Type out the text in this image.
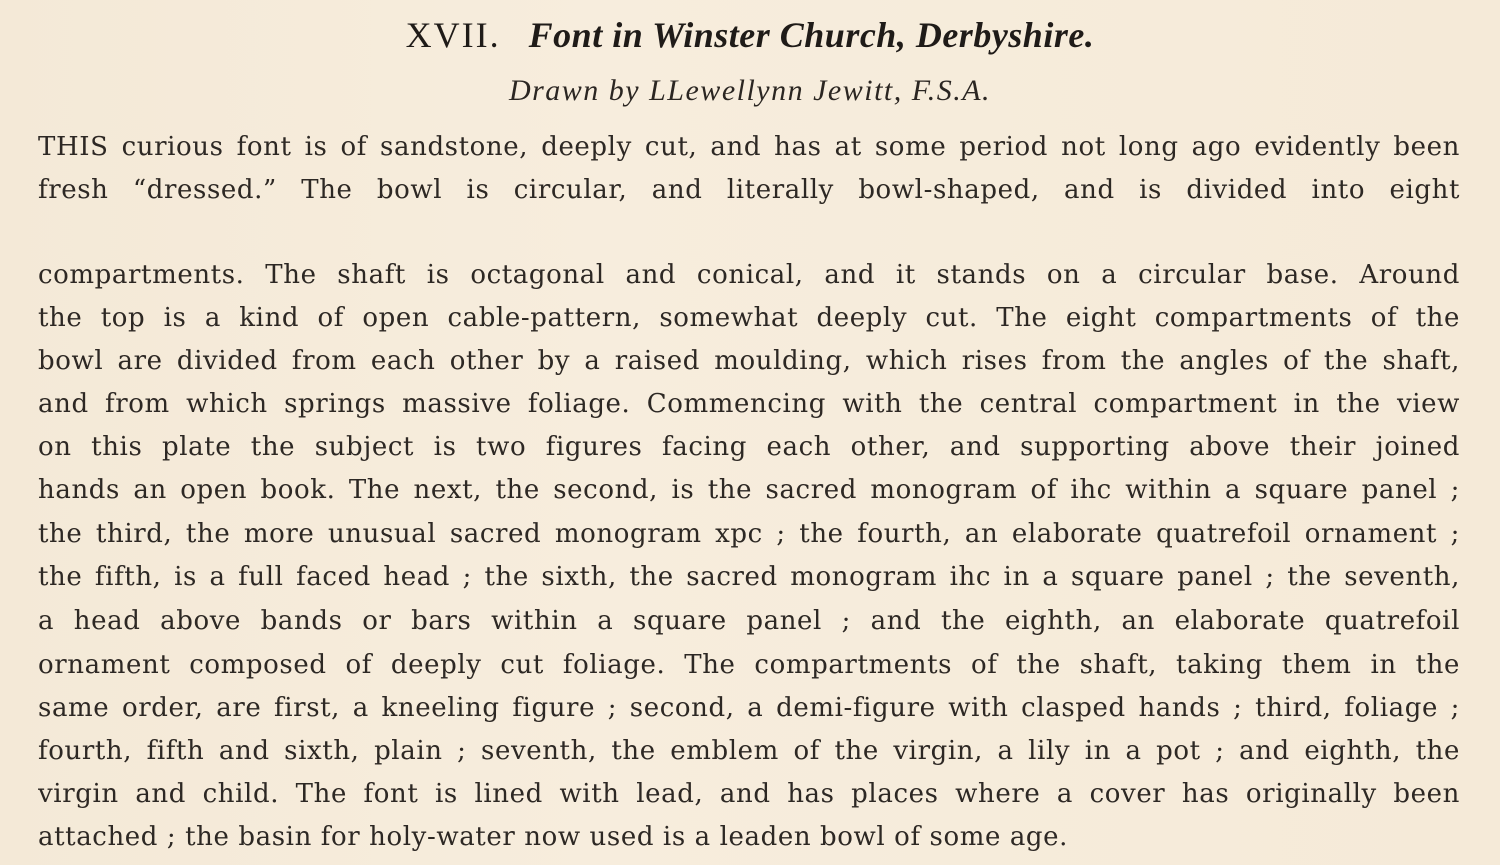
XVII. Font in Winster Church, Derbyshire.
Drawn by LLewellynn Jewitt, F.S.A.
THIS curious font is of sandstone, deeply cut, and has at some period not long ago evidently been
fresh “dressed.” The bowl is circular, and literally bowl-shaped, and is divided into eight
compartments. The shaft is octagonal and conical, and it stands on a circular base. Around
the top is a kind of open cable-pattern, somewhat deeply cut. The eight compartments of the
bowl are divided from each other by a raised moulding, which rises from the angles of the shaft,
and from which springs massive foliage. Commencing with the central compartment in the view
on this plate the subject is two figures facing each other, and supporting above their joined
hands an open book. The next, the second, is the sacred monogram of ihc within a square panel ;
the third, the more unusual sacred monogram xpc ; the fourth, an elaborate quatrefoil ornament ;
the fifth, is a full faced head ; the sixth, the sacred monogram ihc in a square panel ; the seventh,
a head above bands or bars within a square panel ; and the eighth, an elaborate quatrefoil
ornament composed of deeply cut foliage. The compartments of the shaft, taking them in the
same order, are first, a kneeling figure ; second, a demi-figure with clasped hands ; third, foliage ;
fourth, fifth and sixth, plain ; seventh, the emblem of the virgin, a lily in a pot ; and eighth, the
virgin and child. The font is lined with lead, and has places where a cover has originally been
attached ; the basin for holy-water now used is a leaden bowl of some age.
